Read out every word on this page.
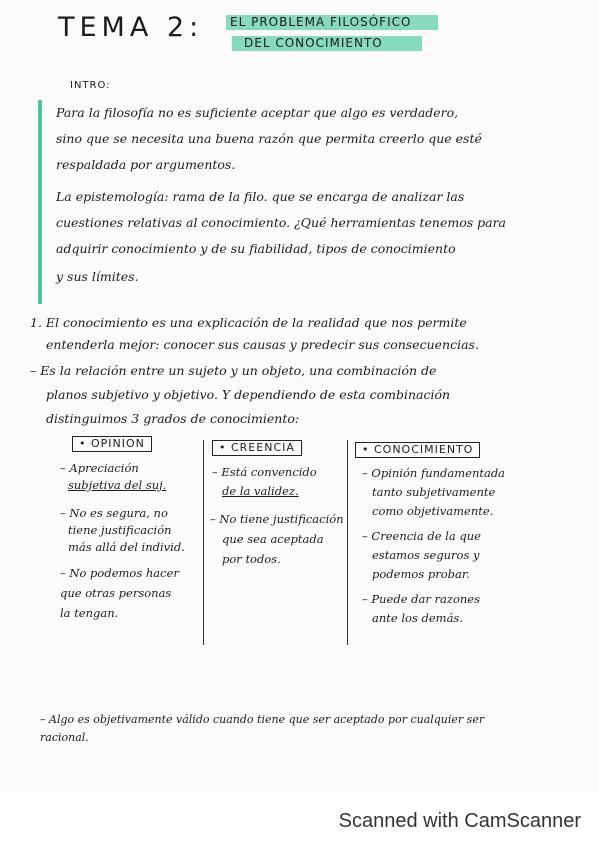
TEMA 2: EL PROBLEMA FILOSÓFICO
DEL CONOCIMIENTO
INTRO:
Para la filosofía no es suficiente aceptar que algo es verdadero,
sino que se necesita una buena razón que permita creerlo que esté
respaldada por argumentos.
La epistemología: rama de la filo. que se encarga de analizar las
cuestiones relativas al conocimiento. ¿Qué herramientas tenemos para
adquirir conocimiento y de su fiabilidad, tipos de conocimiento
y sus límites.
1. El conocimiento es una explicación de la realidad que nos permite
entenderla mejor: conocer sus causas y predecir sus consecuencias.
– Es la relación entre un sujeto y un objeto, una combinación de
planos subjetivo y objetivo. Y dependiendo de esta combinación
distinguimos 3 grados de conocimiento:
• OPINION	• CREENCIA	• CONOCIMIENTO
– Apreciación
subjetiva del suj.
– No es segura, no
tiene justificación
más allá del individ.
– No podemos hacer
que otras personas
la tengan.
– Está convencido
de la validez.
– No tiene justificación
que sea aceptada
por todos.
– Opinión fundamentada
tanto subjetivamente
como objetivamente.
– Creencia de la que
estamos seguros y
podemos probar.
– Puede dar razones
ante los demás.
– Algo es objetivamente válido cuando tiene que ser aceptado por cualquier ser
racional.
Scanned with CamScanner
